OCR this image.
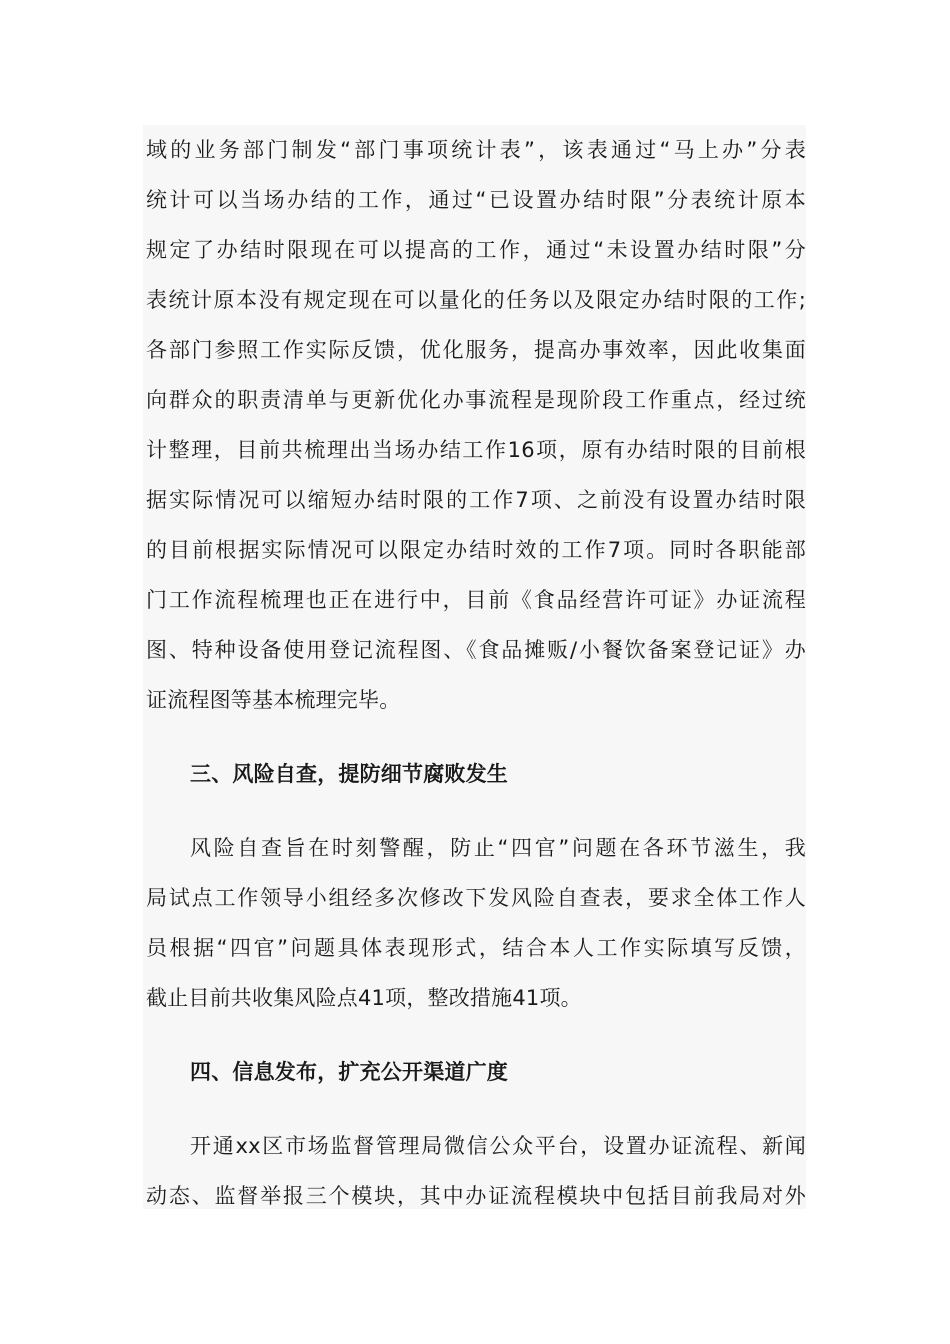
域的业务部门制发“部门事项统计表”，该表通过“马上办”分表
统计可以当场办结的工作，通过“已设置办结时限”分表统计原本
规定了办结时限现在可以提高的工作，通过“未设置办结时限”分
表统计原本没有规定现在可以量化的任务以及限定办结时限的工作;
各部门参照工作实际反馈，优化服务，提高办事效率，因此收集面
向群众的职责清单与更新优化办事流程是现阶段工作重点，经过统
计整理，目前共梳理出当场办结工作16项，原有办结时限的目前根
据实际情况可以缩短办结时限的工作7项、之前没有设置办结时限
的目前根据实际情况可以限定办结时效的工作7项。同时各职能部
门工作流程梳理也正在进行中，目前《食品经营许可证》办证流程
图、特种设备使用登记流程图、《食品摊贩/小餐饮备案登记证》办
证流程图等基本梳理完毕。
三、风险自查，提防细节腐败发生
风险自查旨在时刻警醒，防止“四官”问题在各环节滋生，我
局试点工作领导小组经多次修改下发风险自查表，要求全体工作人
员根据“四官”问题具体表现形式，结合本人工作实际填写反馈，
截止目前共收集风险点41项，整改措施41项。
四、信息发布，扩充公开渠道广度
开通xx区市场监督管理局微信公众平台，设置办证流程、新闻
动态、监督举报三个模块，其中办证流程模块中包括目前我局对外
